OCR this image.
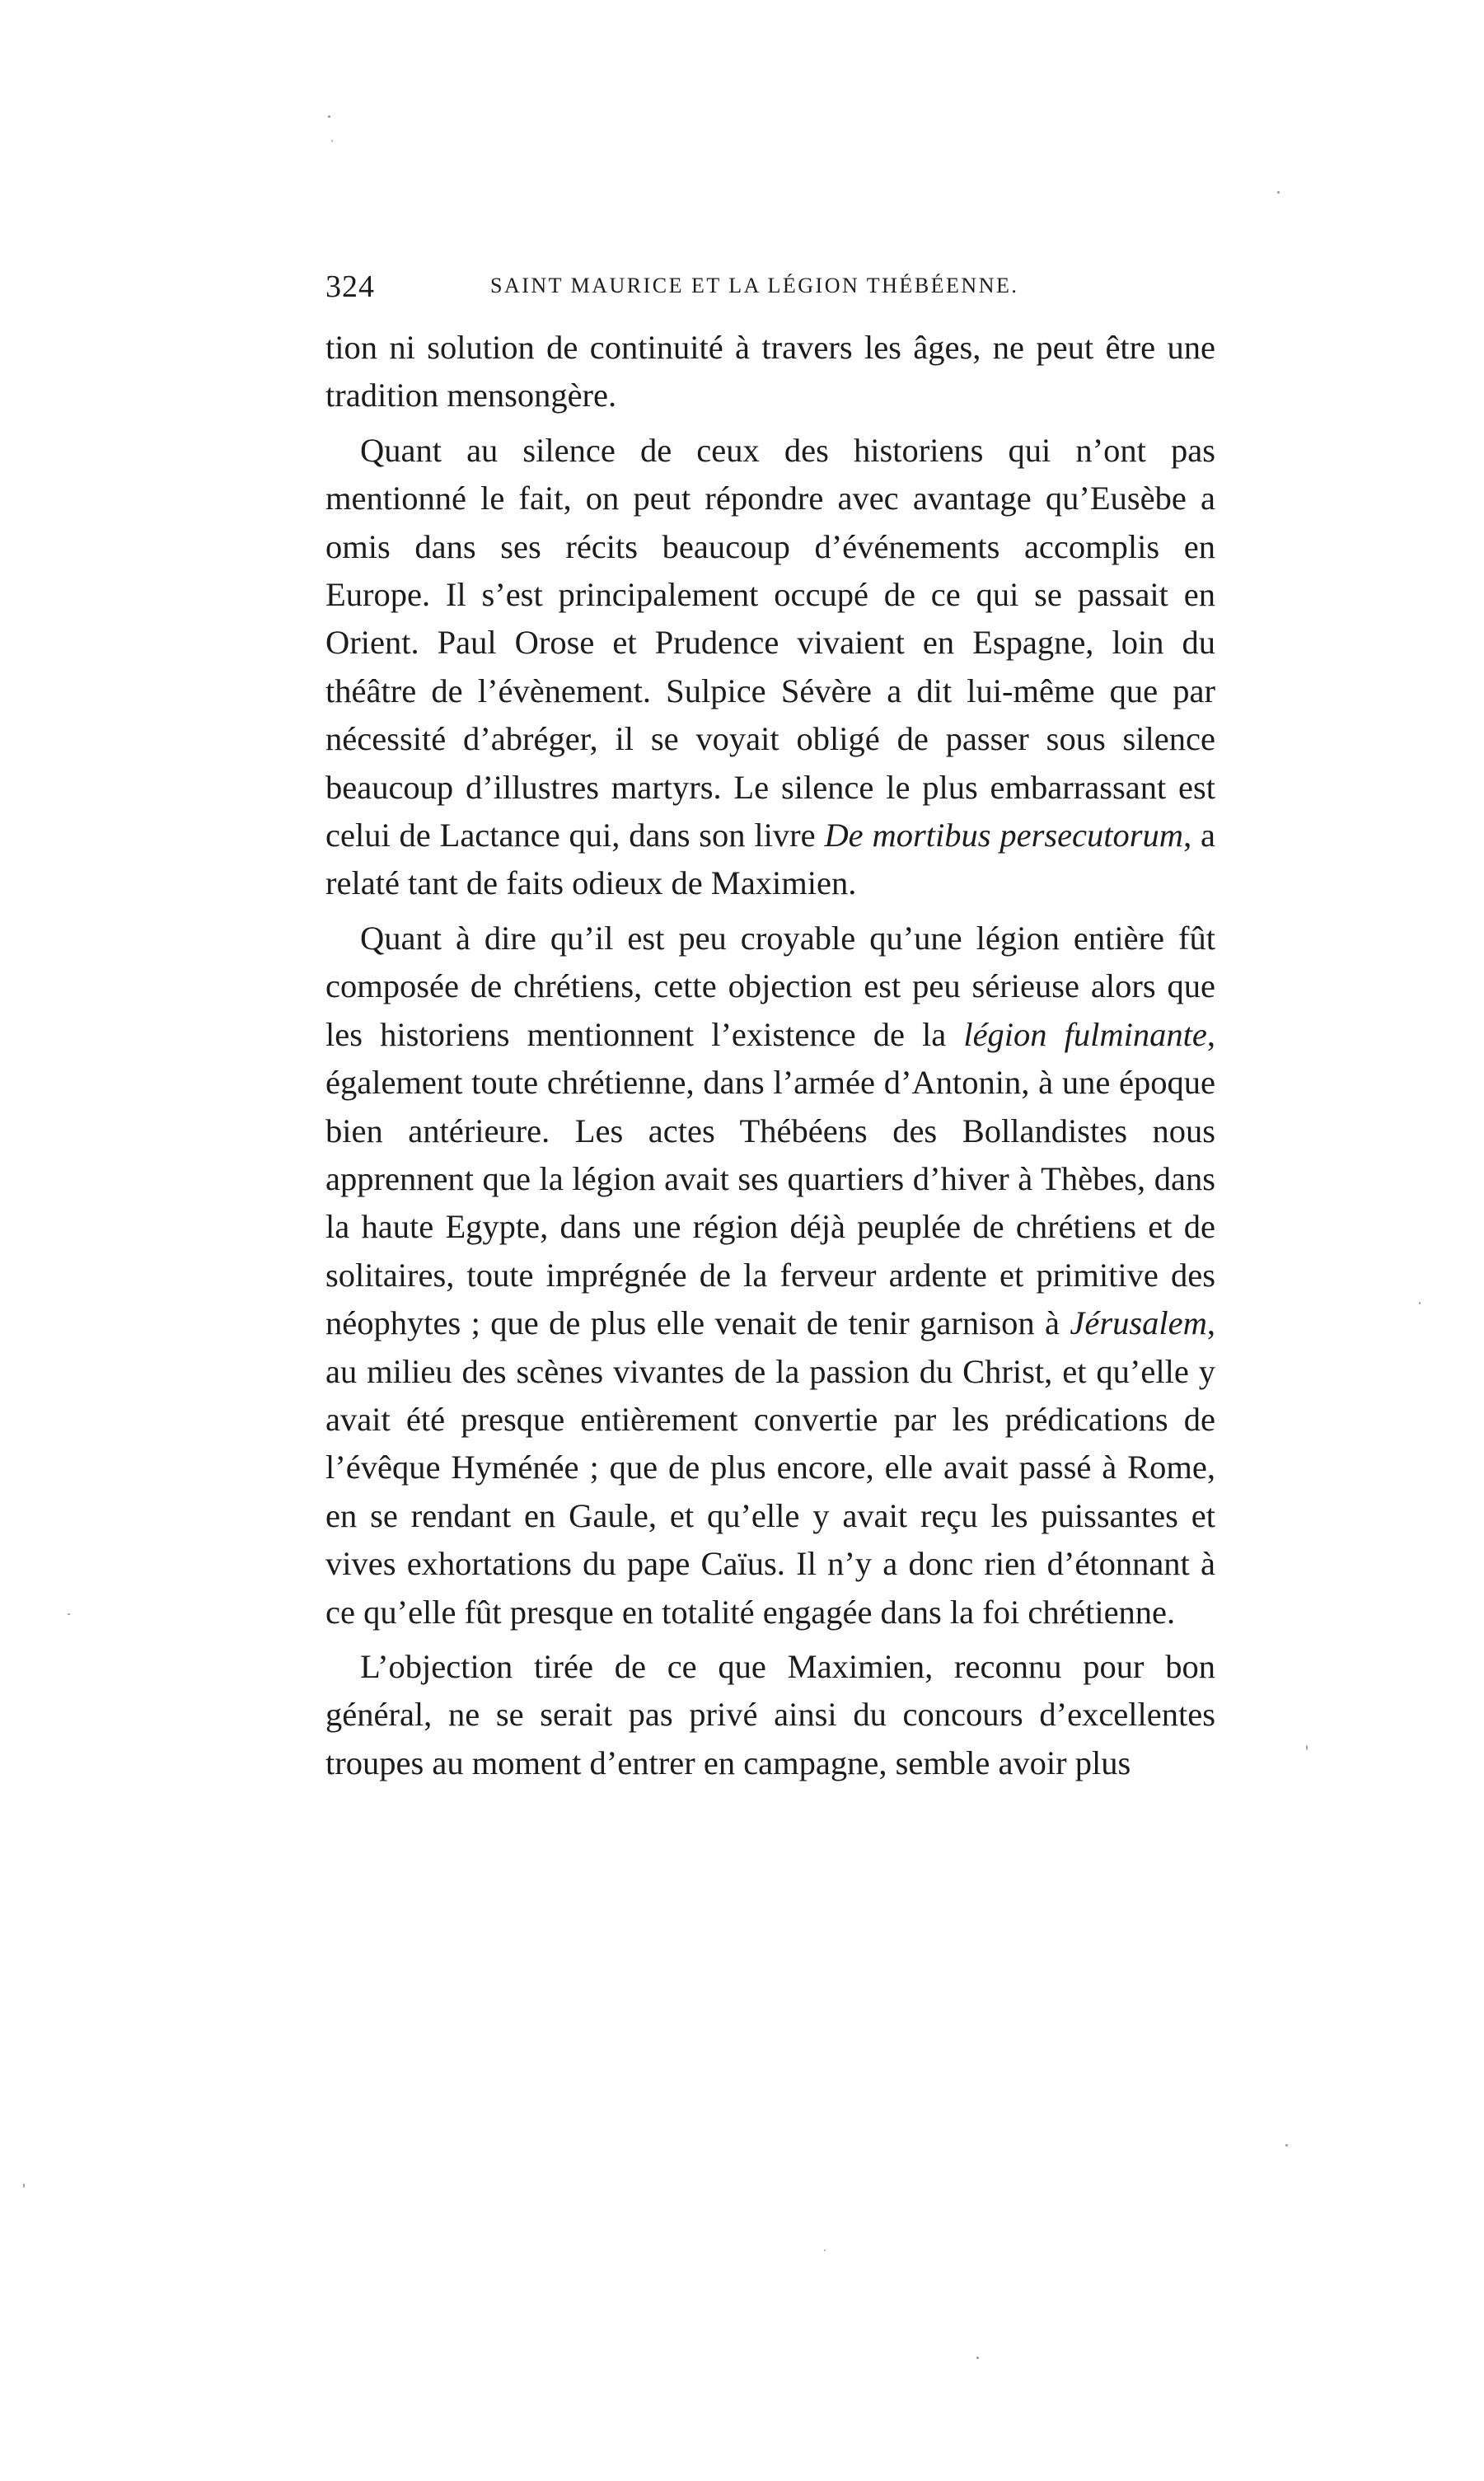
324	SAINT MAURICE ET LA LÉGION THÉBÉENNE.

tion ni solution de continuité à travers les âges, ne peut être une tradition mensongère.

Quant au silence de ceux des historiens qui n’ont pas mentionné le fait, on peut répondre avec avantage qu’Eusèbe a omis dans ses récits beaucoup d’événements accomplis en Europe. Il s’est principalement occupé de ce qui se passait en Orient. Paul Orose et Prudence vivaient en Espagne, loin du théâtre de l’évènement. Sulpice Sévère a dit lui-même que par nécessité d’abréger, il se voyait obligé de passer sous silence beaucoup d’illustres martyrs. Le silence le plus embarrassant est celui de Lactance qui, dans son livre De mortibus persecutorum, a relaté tant de faits odieux de Maximien.

Quant à dire qu’il est peu croyable qu’une légion entière fût composée de chrétiens, cette objection est peu sérieuse alors que les historiens mentionnent l’existence de la légion fulminante, également toute chrétienne, dans l’armée d’Antonin, à une époque bien antérieure. Les actes Thébéens des Bollandistes nous apprennent que la légion avait ses quartiers d’hiver à Thèbes, dans la haute Egypte, dans une région déjà peuplée de chrétiens et de solitaires, toute imprégnée de la ferveur ardente et primitive des néophytes ; que de plus elle venait de tenir garnison à Jérusalem, au milieu des scènes vivantes de la passion du Christ, et qu’elle y avait été presque entièrement convertie par les prédications de l’évêque Hyménée ; que de plus encore, elle avait passé à Rome, en se rendant en Gaule, et qu’elle y avait reçu les puissantes et vives exhortations du pape Caïus. Il n’y a donc rien d’étonnant à ce qu’elle fût presque en totalité engagée dans la foi chrétienne.

L’objection tirée de ce que Maximien, reconnu pour bon général, ne se serait pas privé ainsi du concours d’excellentes troupes au moment d’entrer en campagne, semble avoir plus
